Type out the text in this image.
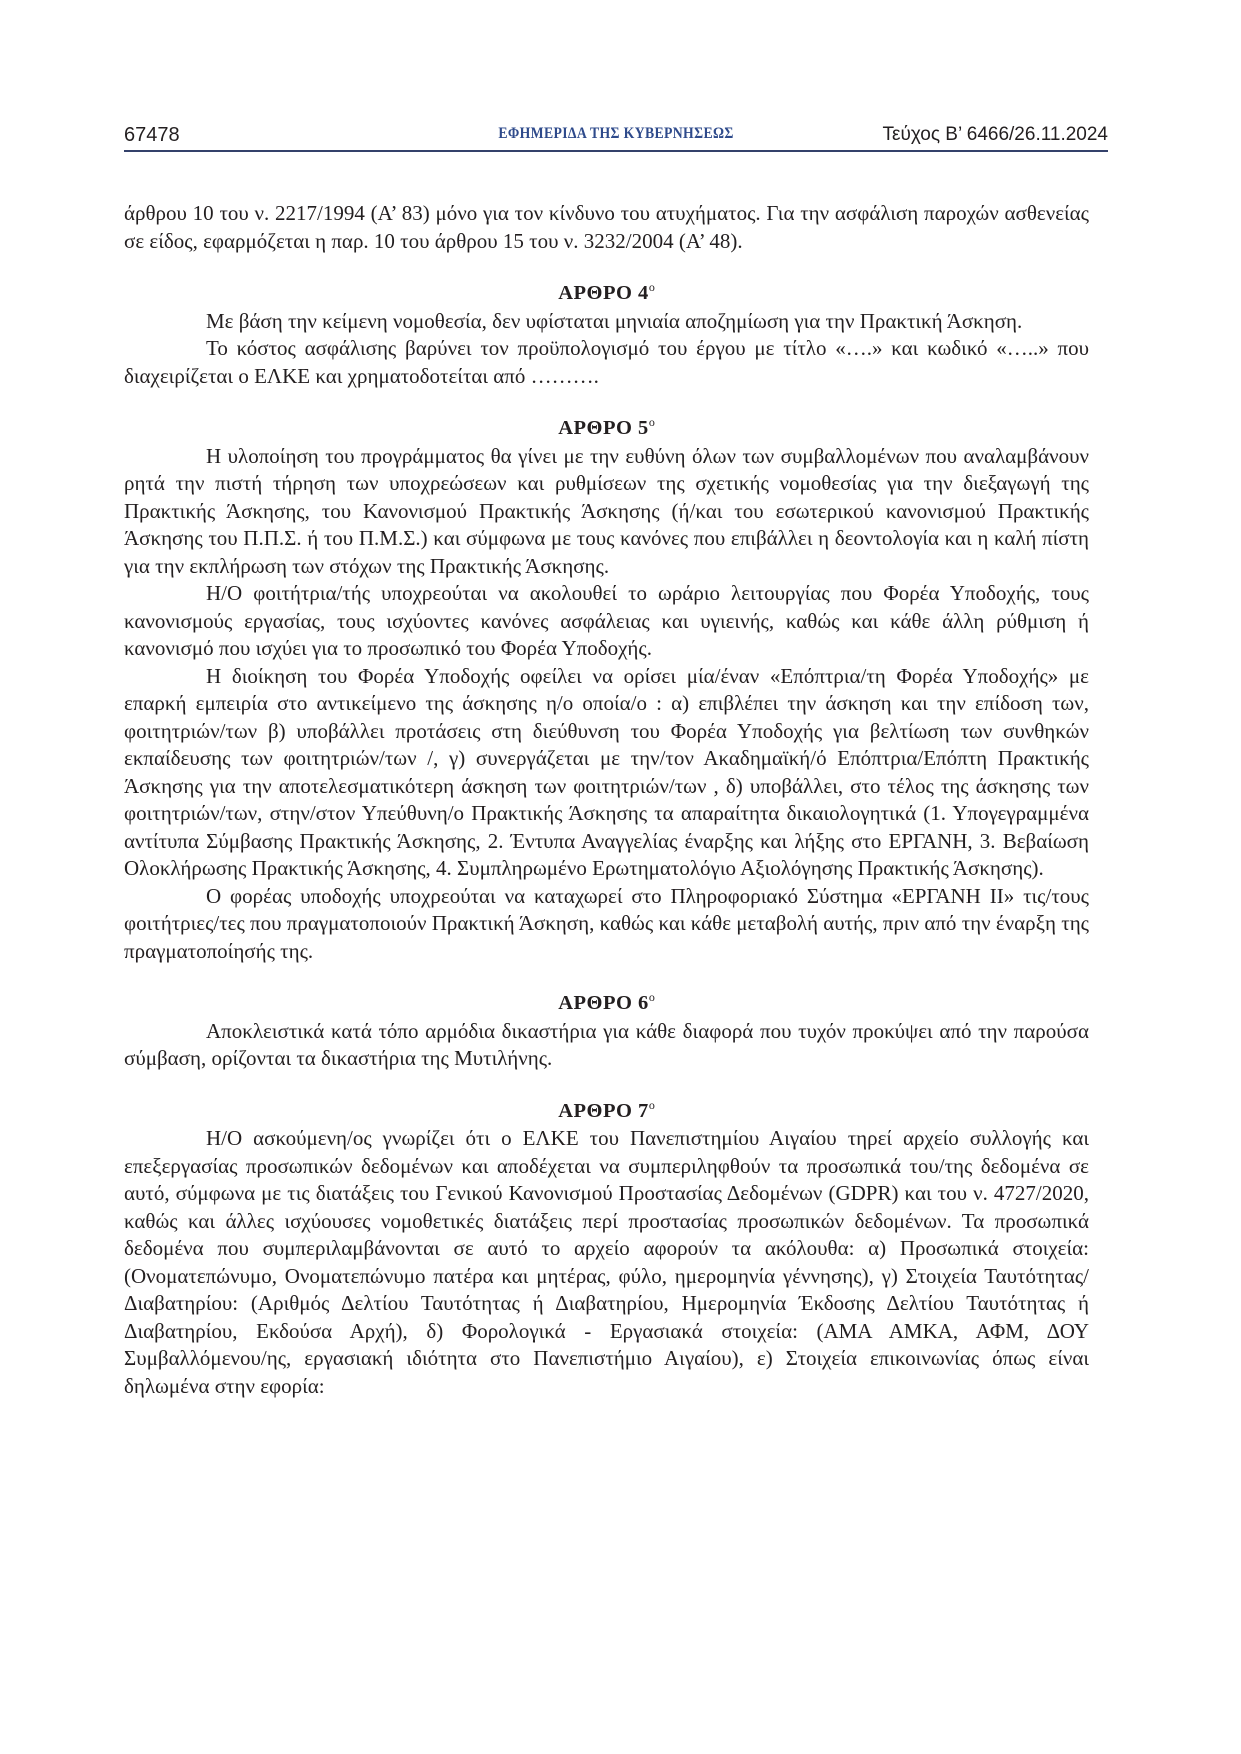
67478	ΕΦΗΜΕΡΙΔΑ ΤΗΣ ΚΥΒΕΡΝΗΣΕΩΣ	Τεύχος Β’ 6466/26.11.2024

άρθρου 10 του ν. 2217/1994 (Α’ 83) μόνο για τον κίνδυνο του ατυχήματος. Για την ασφάλιση παροχών ασθενείας σε είδος, εφαρμόζεται η παρ. 10 του άρθρου 15 του ν. 3232/2004 (Α’ 48).

ΑΡΘΡΟ $4^o$

Με βάση την κείμενη νομοθεσία, δεν υφίσταται μηνιαία αποζημίωση για την Πρακτική Άσκηση.

Το κόστος ασφάλισης βαρύνει τον προϋπολογισμό του έργου με τίτλο «….» και κωδικό «…..» που διαχειρίζεται ο ΕΛΚΕ και χρηματοδοτείται από ……….

ΑΡΘΡΟ $5^o$

Η υλοποίηση του προγράμματος θα γίνει με την ευθύνη όλων των συμβαλλομένων που αναλαμβάνουν ρητά την πιστή τήρηση των υποχρεώσεων και ρυθμίσεων της σχετικής νομοθεσίας για την διεξαγωγή της Πρακτικής Άσκησης, του Κανονισμού Πρακτικής Άσκησης (ή/και του εσωτερικού κανονισμού Πρακτικής Άσκησης του Π.Π.Σ. ή του Π.Μ.Σ.) και σύμφωνα με τους κανόνες που επιβάλλει η δεοντολογία και η καλή πίστη για την εκπλήρωση των στόχων της Πρακτικής Άσκησης.

Η/Ο φοιτήτρια/τής υποχρεούται να ακολουθεί το ωράριο λειτουργίας που Φορέα Υποδοχής, τους κανονισμούς εργασίας, τους ισχύοντες κανόνες ασφάλειας και υγιεινής, καθώς και κάθε άλλη ρύθμιση ή κανονισμό που ισχύει για το προσωπικό του Φορέα Υποδοχής.

Η διοίκηση του Φορέα Υποδοχής οφείλει να ορίσει μία/έναν «Επόπτρια/τη Φορέα Υποδοχής» με επαρκή εμπειρία στο αντικείμενο της άσκησης η/ο οποία/ο : α) επιβλέπει την άσκηση και την επίδοση των, φοιτητριών/των β) υποβάλλει προτάσεις στη διεύθυνση του Φορέα Υποδοχής για βελτίωση των συνθηκών εκπαίδευσης των φοιτητριών/των /, γ) συνεργάζεται με την/τον Ακαδημαϊκή/ό Επόπτρια/Επόπτη Πρακτικής Άσκησης για την αποτελεσματικότερη άσκηση των φοιτητριών/των , δ) υποβάλλει, στο τέλος της άσκησης των φοιτητριών/των, στην/στον Υπεύθυνη/ο Πρακτικής Άσκησης τα απαραίτητα δικαιολογητικά (1. Υπογεγραμμένα αντίτυπα Σύμβασης Πρακτικής Άσκησης, 2. Έντυπα Αναγγελίας έναρξης και λήξης στο ΕΡΓΑΝΗ, 3. Βεβαίωση Ολοκλήρωσης Πρακτικής Άσκησης, 4. Συμπληρωμένο Ερωτηματολόγιο Αξιολόγησης Πρακτικής Άσκησης).

Ο φορέας υποδοχής υποχρεούται να καταχωρεί στο Πληροφοριακό Σύστημα «ΕΡΓΑΝΗ ΙΙ» τις/τους φοιτήτριες/τες που πραγματοποιούν Πρακτική Άσκηση, καθώς και κάθε μεταβολή αυτής, πριν από την έναρξη της πραγματοποίησής της.

ΑΡΘΡΟ $6^o$

Αποκλειστικά κατά τόπο αρμόδια δικαστήρια για κάθε διαφορά που τυχόν προκύψει από την παρούσα σύμβαση, ορίζονται τα δικαστήρια της Μυτιλήνης.

ΑΡΘΡΟ $7^o$

Η/Ο ασκούμενη/ος γνωρίζει ότι ο ΕΛΚΕ του Πανεπιστημίου Αιγαίου τηρεί αρχείο συλλογής και επεξεργασίας προσωπικών δεδομένων και αποδέχεται να συμπεριληφθούν τα προσωπικά του/της δεδομένα σε αυτό, σύμφωνα με τις διατάξεις του Γενικού Κανονισμού Προστασίας Δεδομένων (GDPR) και του ν. 4727/2020, καθώς και άλλες ισχύουσες νομοθετικές διατάξεις περί προστασίας προσωπικών δεδομένων. Τα προσωπικά δεδομένα που συμπεριλαμβάνονται σε αυτό το αρχείο αφορούν τα ακόλουθα: α) Προσωπικά στοιχεία: (Ονοματεπώνυμο, Ονοματεπώνυμο πατέρα και μητέρας, φύλο, ημερομηνία γέννησης), γ) Στοιχεία Ταυτότητας/Διαβατηρίου: (Αριθμός Δελτίου Ταυτότητας ή Διαβατηρίου, Ημερομηνία Έκδοσης Δελτίου Ταυτότητας ή Διαβατηρίου, Εκδούσα Αρχή), δ) Φορολογικά - Εργασιακά στοιχεία: (ΑΜΑ ΑΜΚΑ, ΑΦΜ, ΔΟΥ Συμβαλλόμενου/ης, εργασιακή ιδιότητα στο Πανεπιστήμιο Αιγαίου), ε) Στοιχεία επικοινωνίας όπως είναι δηλωμένα στην εφορία:
